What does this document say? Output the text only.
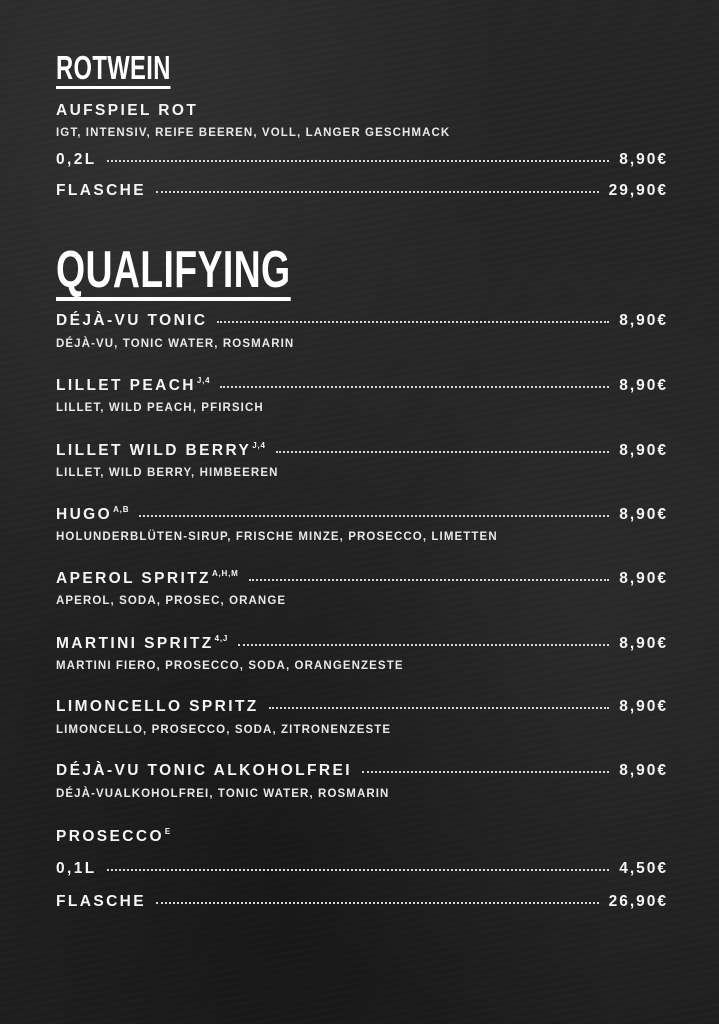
ROTWEIN
AUFSPIEL ROT
IGT, INTENSIV, REIFE BEEREN, VOLL, LANGER GESCHMACK
0,2L	8,90€
FLASCHE	29,90€
QUALIFYING
DÉJÀ-VU TONIC	8,90€
DÉJÀ-VU, TONIC WATER, ROSMARIN
LILLET $PEACH^{J,4}$	8,90€
LILLET, WILD PEACH, PFIRSICH
LILLET WILD $BERRY^{J,4}$	8,90€
LILLET, WILD BERRY, HIMBEEREN
$HUGO^{A,B}$	8,90€
HOLUNDERBLÜTEN-SIRUP, FRISCHE MINZE, PROSECCO, LIMETTEN
APEROL $SPRITZ^{A,H,M}$	8,90€
APEROL, SODA, PROSEC, ORANGE
MARTINI $SPRITZ^{4,J}$	8,90€
MARTINI FIERO, PROSECCO, SODA, ORANGENZESTE
LIMONCELLO SPRITZ	8,90€
LIMONCELLO, PROSECCO, SODA, ZITRONENZESTE
DÉJÀ-VU TONIC ALKOHOLFREI	8,90€
DÉJÀ-VUALKOHOLFREI, TONIC WATER, ROSMARIN
$PROSECCO^E$
0,1L	4,50€
FLASCHE	26,90€
